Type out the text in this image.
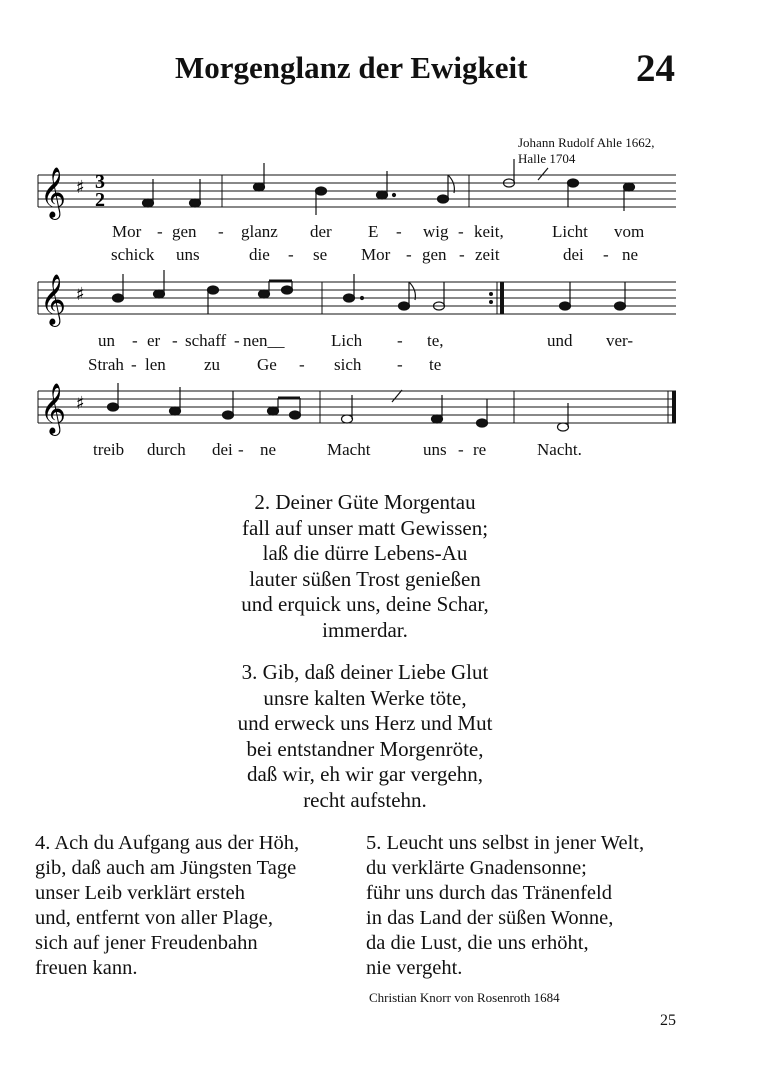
Morgenglanz der Ewigkeit	24
Johann Rudolf Ahle 1662,
Halle 1704
𝄞 ♯ 3
2
Mor - gen - glanz der E - wig - keit,	Licht vom
schick uns	die - se Mor - gen - zeit	dei - ne
𝄞 ♯
un - er - schaff - nen__	Lich - te,	und ver-
Strah - len zu Ge - sich - te
𝄞 ♯
treib durch dei - ne	Macht	uns - re	Nacht.
2. Deiner Güte Morgentau
fall auf unser matt Gewissen;
laß die dürre Lebens-Au
lauter süßen Trost genießen
und erquick uns, deine Schar,
immerdar.
3. Gib, daß deiner Liebe Glut
unsre kalten Werke töte,
und erweck uns Herz und Mut
bei entstandner Morgenröte,
daß wir, eh wir gar vergehn,
recht aufstehn.
4. Ach du Aufgang aus der Höh,
gib, daß auch am Jüngsten Tage
unser Leib verklärt ersteh
und, entfernt von aller Plage,
sich auf jener Freudenbahn
freuen kann.
5. Leucht uns selbst in jener Welt,
du verklärte Gnadensonne;
führ uns durch das Tränenfeld
in das Land der süßen Wonne,
da die Lust, die uns erhöht,
nie vergeht.
Christian Knorr von Rosenroth 1684
25
